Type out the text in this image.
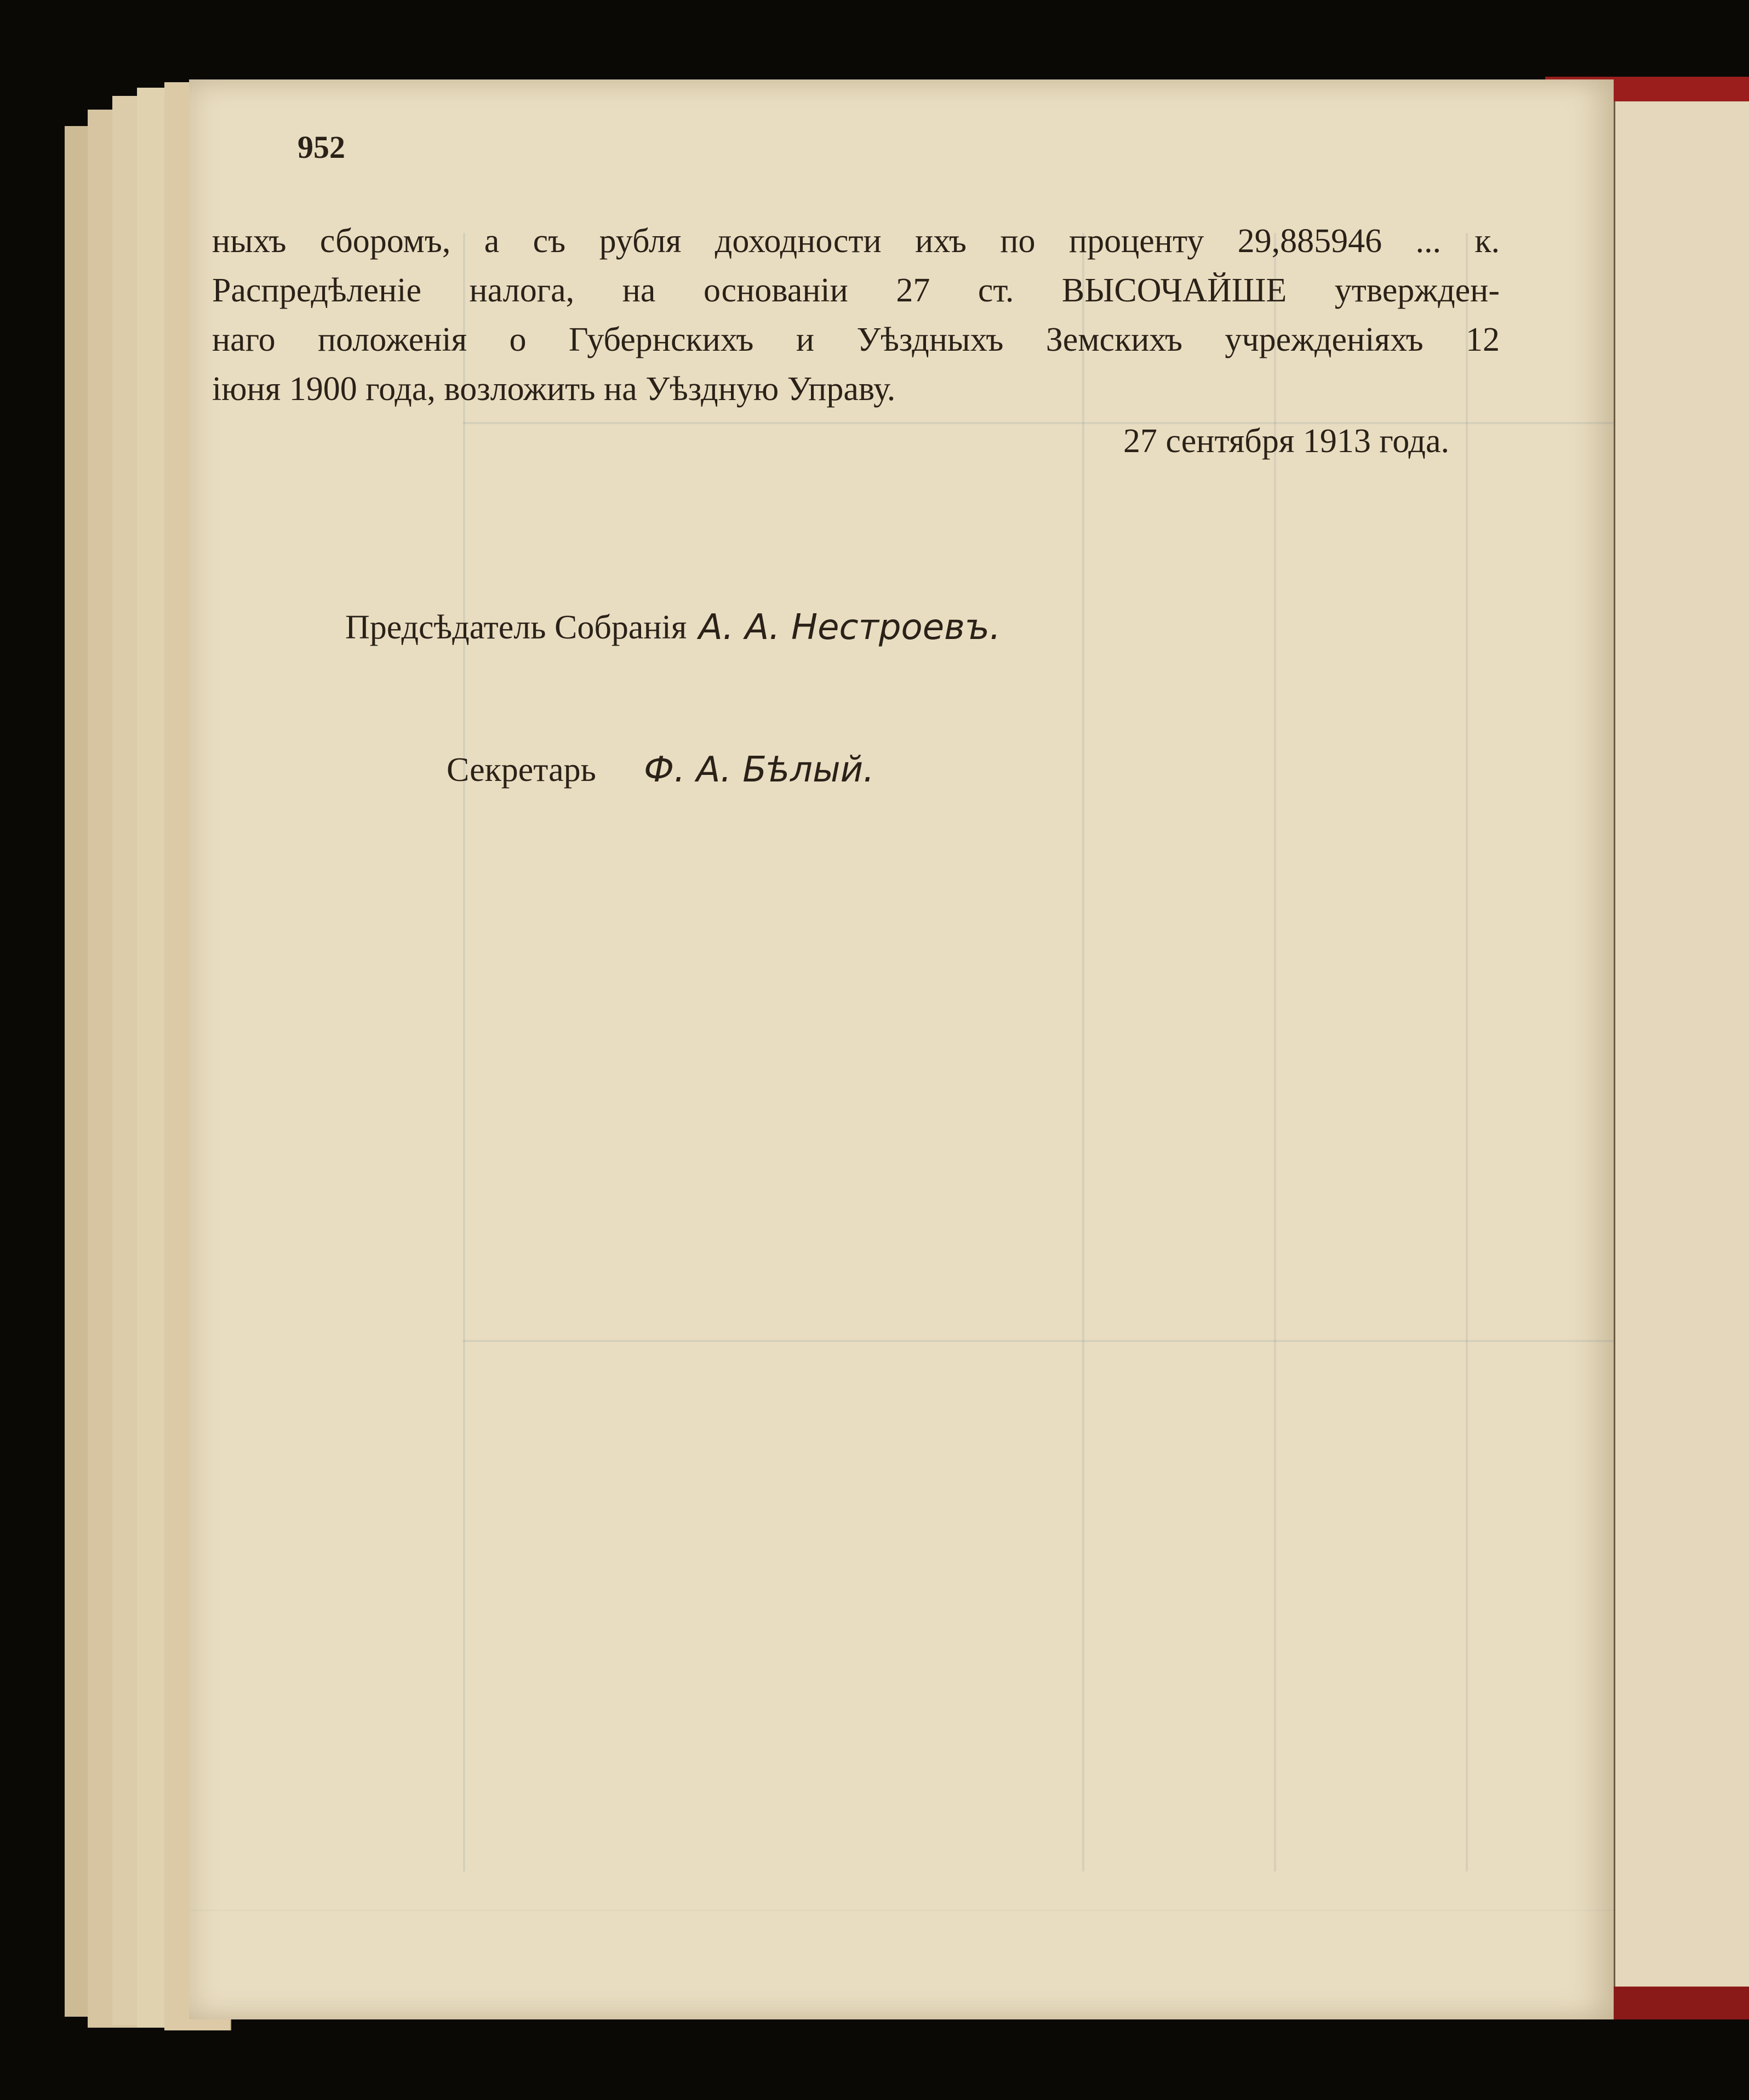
952
ныхъ сборомъ, а съ рубля доходности ихъ по проценту 29,885946 ... к.
Распредѣленіе налога, на основаніи 27 ст. ВЫСОЧАЙШЕ утвержден-
наго положенія о Губернскихъ и Уѣздныхъ Земскихъ учрежденіяхъ 12
іюня 1900 года, возложить на Уѣздную Управу.
27 сентября 1913 года.
Предсѣдатель Собранія А. А. Нестроевъ.
Секретарь Ф. А. Бѣлый.
